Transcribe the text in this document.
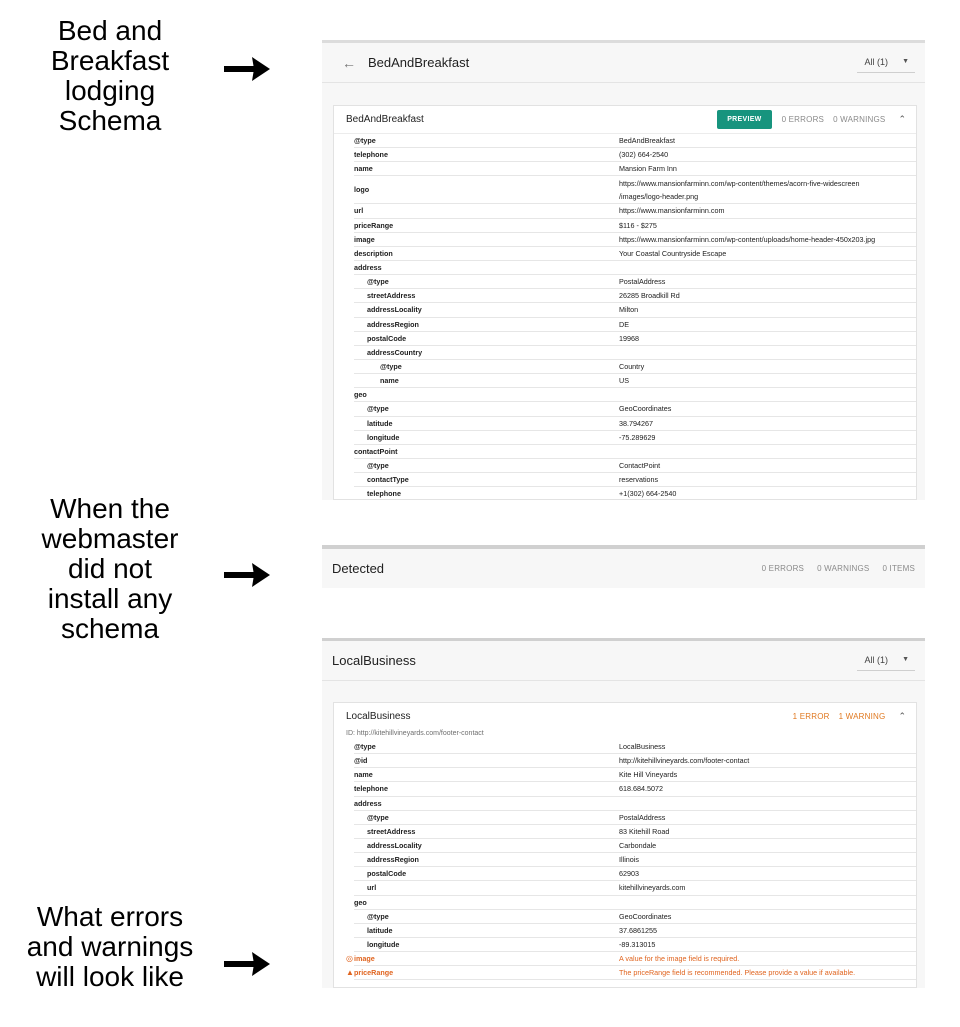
Bed and
Breakfast
lodging
Schema
When the
webmaster
did not
install any
schema
What errors
and warnings
will look like
← BedAndBreakfast	All (1) ▼
BedAndBreakfast	PREVIEW	0 ERRORS 0 WARNINGS ⌃
@type	BedAndBreakfast
telephone	(302) 664-2540
name	Mansion Farm Inn
logo
https://www.mansionfarminn.com/wp-content/themes/acorn-five-widescreen
/images/logo-header.png
url	https://www.mansionfarminn.com
priceRange	$116 - $275
image	https://www.mansionfarminn.com/wp-content/uploads/home-header-450x203.jpg
description	Your Coastal Countryside Escape
address
@type	PostalAddress
streetAddress	26285 Broadkill Rd
addressLocality	Milton
addressRegion	DE
postalCode	19968
addressCountry
@type	Country
name	US
geo
@type	GeoCoordinates
latitude	38.794267
longitude	-75.289629
contactPoint
@type	ContactPoint
contactType	reservations
telephone	+1(302) 664-2540
Detected	0 ERRORS 0 WARNINGS 0 ITEMS
LocalBusiness	All (1) ▼
LocalBusiness	1 ERROR 1 WARNING ⌃
ID: http://kitehillvineyards.com/footer-contact
@type	LocalBusiness
@id	http://kitehillvineyards.com/footer-contact
name	Kite Hill Vineyards
telephone	618.684.5072
address
@type	PostalAddress
streetAddress	83 Kitehill Road
addressLocality	Carbondale
addressRegion	Illinois
postalCode	62903
url	kitehillvineyards.com
geo
@type	GeoCoordinates
latitude	37.6861255
longitude	-89.313015
◎ image	A value for the image field is required.
▲ priceRange	The priceRange field is recommended. Please provide a value if available.
